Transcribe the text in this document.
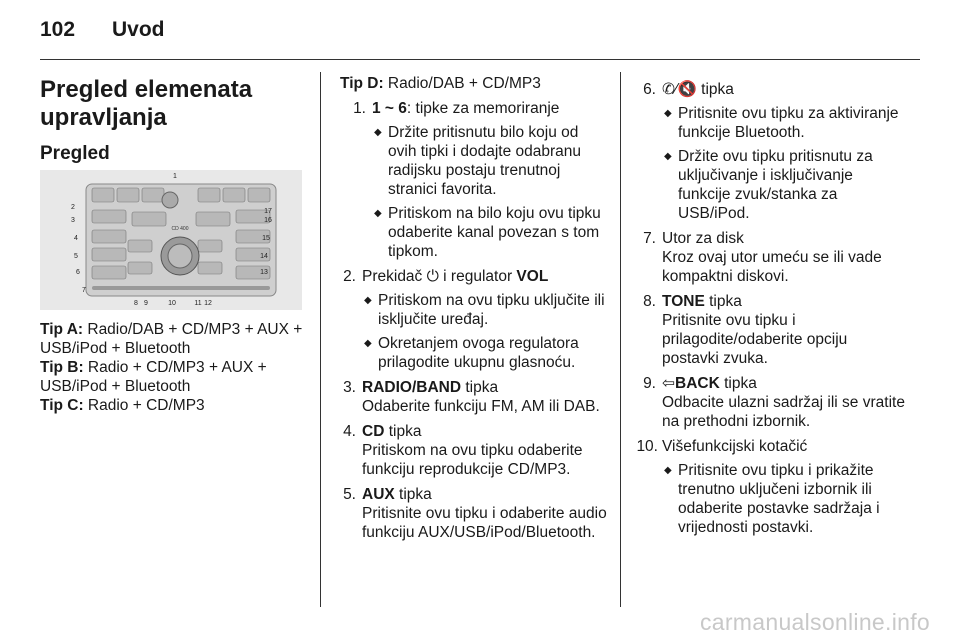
102 Uvod
Pregled elemenata
upravljanja
Pregled
CD 400
1
2
3
4
5
6
7
8 9	10	11 12
13
14
15
16
17

Tip A: Radio/DAB + CD/MP3 + AUX + USB/iPod + Bluetooth

Tip B: Radio + CD/MP3 + AUX + USB/iPod + Bluetooth

Tip C: Radio + CD/MP3

Tip D: Radio/DAB + CD/MP3

1. 1 ~ 6: tipke za memoriranje
◆ Držite pritisnutu bilo koju od ovih tipki i dodajte odabranu radijsku postaju trenutnoj stranici favorita.
◆ Pritiskom na bilo koju ovu tipku odaberite kanal povezan s tom tipkom.
2. Prekidač ⏻ i regulator VOL
◆ Pritiskom na ovu tipku uključite ili isključite uređaj.
◆ Okretanjem ovoga regulatora prilagodite ukupnu glasnoću.
3. RADIO/BAND tipka

Odaberite funkciju FM, AM ili DAB.

4. CD tipka

Pritiskom na ovu tipku odaberite funkciju reprodukcije CD/MP3.

5. AUX tipka

Pritisnite ovu tipku i odaberite audio funkciju AUX/USB/iPod/Bluetooth.

6. ✆⁄🔇 tipka
◆ Pritisnite ovu tipku za aktiviranje funkcije Bluetooth.
◆ Držite ovu tipku pritisnutu za uključivanje i isključivanje funkcije zvuk/stanka za USB/iPod.
7. Utor za disk

Kroz ovaj utor umeću se ili vade kompaktni diskovi.

8. TONE tipka

Pritisnite ovu tipku i prilagodite/odaberite opciju postavki zvuka.

9. ⇦BACK tipka

Odbacite ulazni sadržaj ili se vratite na prethodni izbornik.

10. Višefunkcijski kotačić
◆ Pritisnite ovu tipku i prikažite trenutno uključeni izbornik ili odaberite postavke sadržaja i vrijednosti postavki.
carmanualsonline.info
